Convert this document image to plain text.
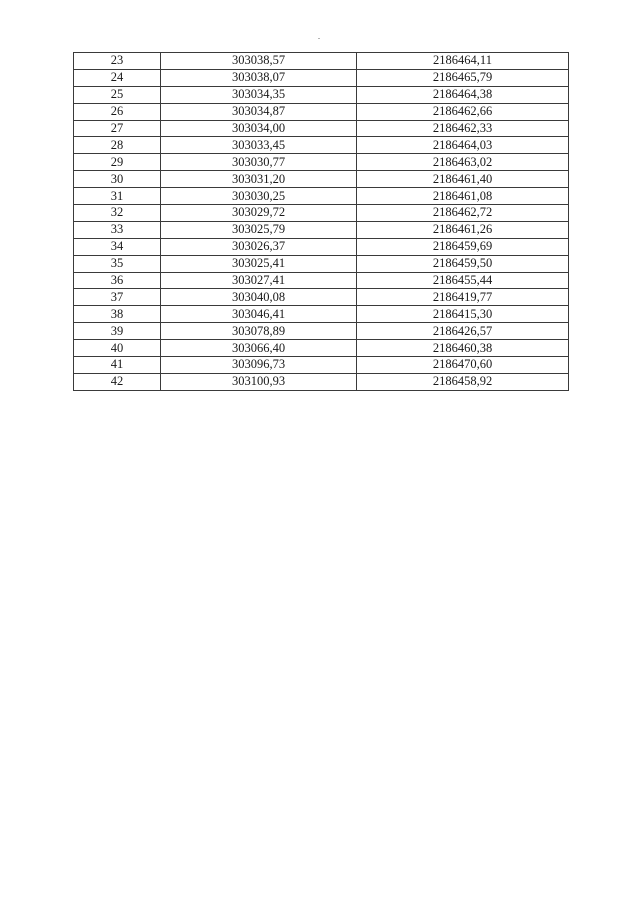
23	303038,57	2186464,11
24	303038,07	2186465,79
25	303034,35	2186464,38
26	303034,87	2186462,66
27	303034,00	2186462,33
28	303033,45	2186464,03
29	303030,77	2186463,02
30	303031,20	2186461,40
31	303030,25	2186461,08
32	303029,72	2186462,72
33	303025,79	2186461,26
34	303026,37	2186459,69
35	303025,41	2186459,50
36	303027,41	2186455,44
37	303040,08	2186419,77
38	303046,41	2186415,30
39	303078,89	2186426,57
40	303066,40	2186460,38
41	303096,73	2186470,60
42	303100,93	2186458,92
